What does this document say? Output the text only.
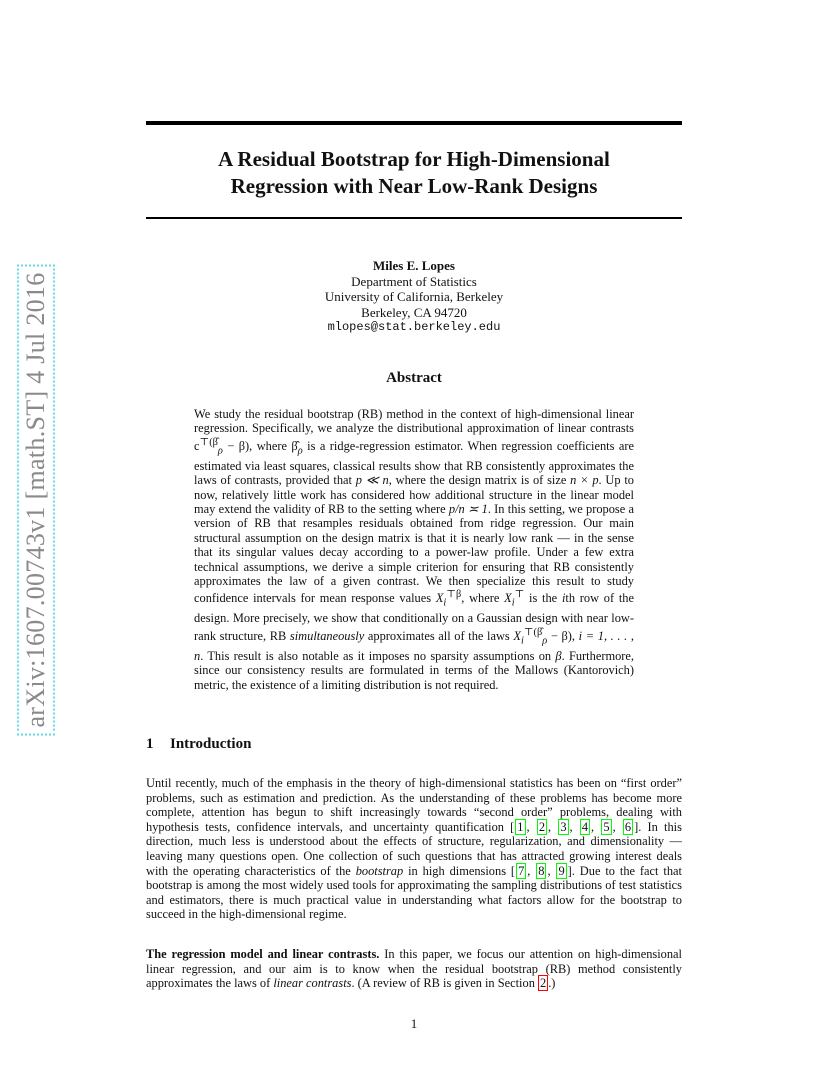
arXiv:1607.00743v1 [math.ST] 4 Jul 2016
A Residual Bootstrap for High-Dimensional
Regression with Near Low-Rank Designs
Miles E. Lopes
Department of Statistics
University of California, Berkeley
Berkeley, CA 94720
mlopes@stat.berkeley.edu
Abstract

We study the residual bootstrap (RB) method in the context of high-dimensional linear regression. Specifically, we analyze the distributional approximation of linear contrasts $c^{⊤(\betâ}_\rho - \beta$), where $\betâ_\rho$ is a ridge-regression estimator. When regression coefficients are estimated via least squares, classical results show that RB consistently approximates the laws of contrasts, provided that p ≪ n, where the design matrix is of size n × p. Up to now, relatively little work has considered how additional structure in the linear model may extend the validity of RB to the setting where p/n ≍ 1. In this setting, we propose a version of RB that resamples residuals obtained from ridge regression. Our main structural assumption on the design matrix is that it is nearly low rank — in the sense that its singular values decay according to a power-law profile. Under a few extra technical assumptions, we derive a simple criterion for ensuring that RB consistently approximates the law of a given contrast. We then specialize this result to study confidence intervals for mean response values $X_i^{⊤\beta}$, where $X_i^⊤$ is the ith row of the design. More precisely, we show that conditionally on a Gaussian design with near low-rank structure, RB simultaneously approximates all of the laws $X_i^{⊤(\betâ}_\rho - \beta$), i = 1, . . . , n. This result is also notable as it imposes no sparsity assumptions on β. Furthermore, since our consistency results are formulated in terms of the Mallows (Kantorovich) metric, the existence of a limiting distribution is not required.

1 Introduction

Until recently, much of the emphasis in the theory of high-dimensional statistics has been on “first order” problems, such as estimation and prediction. As the understanding of these problems has become more complete, attention has begun to shift increasingly towards “second order” problems, dealing with hypothesis tests, confidence intervals, and uncertainty quantification [ 1 , 2 , 3 , 4 , 5 , 6 ]. In this direction, much less is understood about the effects of structure, regularization, and dimensionality — leaving many questions open. One collection of such questions that has attracted growing interest deals with the operating characteristics of the bootstrap in high dimensions [ 7 , 8 , 9 ]. Due to the fact that bootstrap is among the most widely used tools for approximating the sampling distributions of test statistics and estimators, there is much practical value in understanding what factors allow for the bootstrap to succeed in the high-dimensional regime.

The regression model and linear contrasts. In this paper, we focus our attention on high-dimensional linear regression, and our aim is to know when the residual bootstrap (RB) method consistently approximates the laws of linear contrasts. (A review of RB is given in Section 2 .)

1
